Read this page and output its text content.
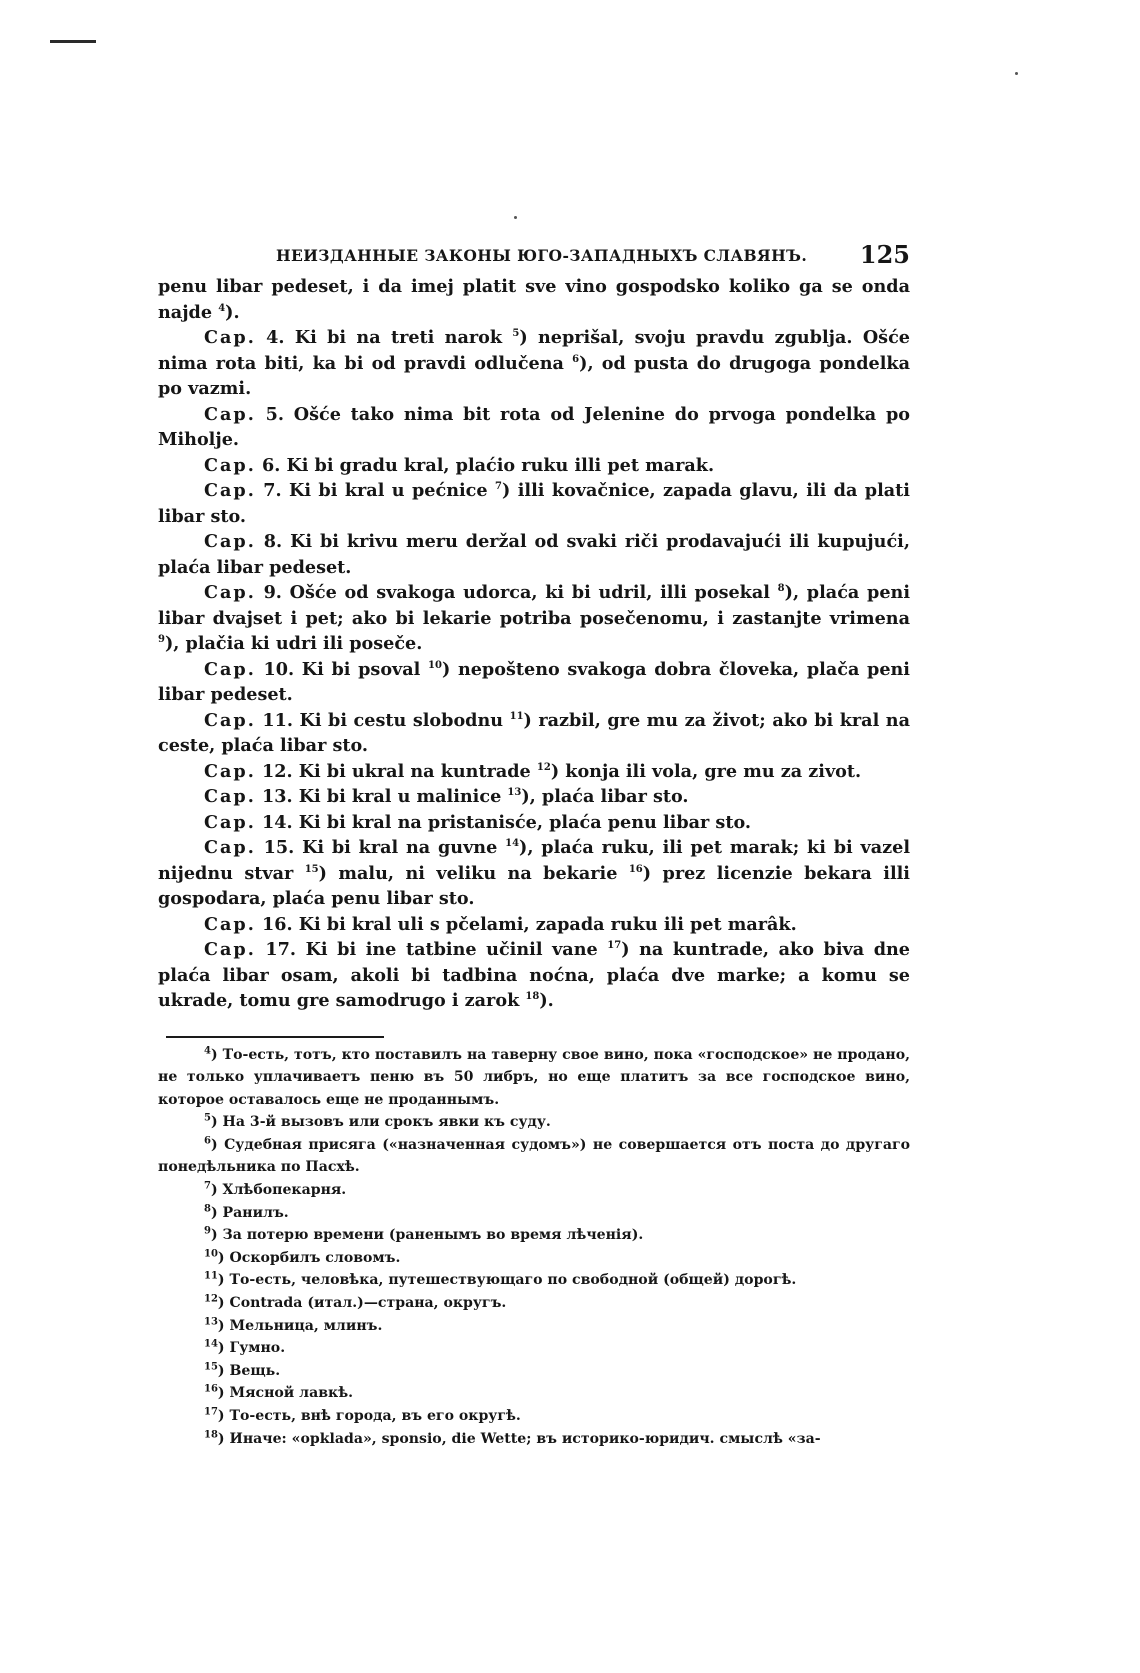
НЕИЗДАННЫЕ ЗАКОНЫ ЮГО-ЗАПАДНЫХЪ СЛАВЯНЪ. 125

penu libar pedeset, i da imej platit sve vino gospodsko koliko ga se onda najde $^4$).

Cap. 4. Ki bi na treti narok $^5$) neprišal, svoju pravdu zgublja. Ošće nima rota biti, ka bi od pravdi odlučena $^6$), od pusta do drugoga pondelka po vazmi.

Cap. 5. Ošće tako nima bit rota od Jelenine do prvoga pondelka po Miholje.

Cap. 6. Ki bi gradu kral, plaćio ruku illi pet marak.

Cap. 7. Ki bi kral u pećnice $^7$) illi kovačnice, zapada glavu, ili da plati libar sto.

Cap. 8. Ki bi krivu meru deržal od svaki riči prodavajući ili kupujući, plaća libar pedeset.

Cap. 9. Ošće od svakoga udorca, ki bi udril, illi posekal $^8$), plaća peni libar dvajset i pet; ako bi lekarie potriba posečenomu, i zastanjte vrimena $^9$), plačia ki udri ili poseče.

Cap. 10. Ki bi psoval $^{10}$) nepošteno svakoga dobra človeka, plača peni libar pedeset.

Cap. 11. Ki bi cestu slobodnu $^{11}$) razbil, gre mu za život; ako bi kral na ceste, plaća libar sto.

Cap. 12. Ki bi ukral na kuntrade $^{12}$) konja ili vola, gre mu za zivot.

Cap. 13. Ki bi kral u malinice $^{13}$), plaća libar sto.

Cap. 14. Ki bi kral na pristanisće, plaća penu libar sto.

Cap. 15. Ki bi kral na guvne $^{14}$), plaća ruku, ili pet marak; ki bi vazel nijednu stvar $^{15}$) malu, ni veliku na bekarie $^{16}$) prez licenzie bekara illi gospodara, plaća penu libar sto.

Cap. 16. Ki bi kral uli s pčelami, zapada ruku ili pet marâk.

Cap. 17. Ki bi ine tatbine učinil vane $^{17}$) na kuntrade, ako biva dne plaća libar osam, akoli bi tadbina noćna, plaća dve marke; a komu se ukrade, tomu gre samodrugo i zarok $^{18}$).

$^4$) То-есть, тотъ, кто поставилъ на таверну свое вино, пока «господское» не продано, не только уплачиваетъ пеню въ 50 либръ, но еще платитъ за все господское вино, которое оставалось еще не проданнымъ.

$^5$) На 3-й вызовъ или срокъ явки къ суду.

$^6$) Судебная присяга («назначенная судомъ») не совершается отъ поста до другаго понедѣльника по Пасхѣ.

$^7$) Хлѣбопекарня.

$^8$) Ранилъ.

$^9$) За потерю времени (раненымъ во время лѣченія).

$^{10}$) Оскорбилъ словомъ.

$^{11}$) То-есть, человѣка, путешествующаго по свободной (общей) дорогѣ.

$^{12}$) Contrada (итал.)—страна, округъ.

$^{13}$) Мельница, млинъ.

$^{14}$) Гумно.

$^{15}$) Вещь.

$^{16}$) Мясной лавкѣ.

$^{17}$) То-есть, внѣ города, въ его округѣ.

$^{18}$) Иначе: «opklada», sponsio, die Wette; въ историко-юридич. смыслѣ «за-
